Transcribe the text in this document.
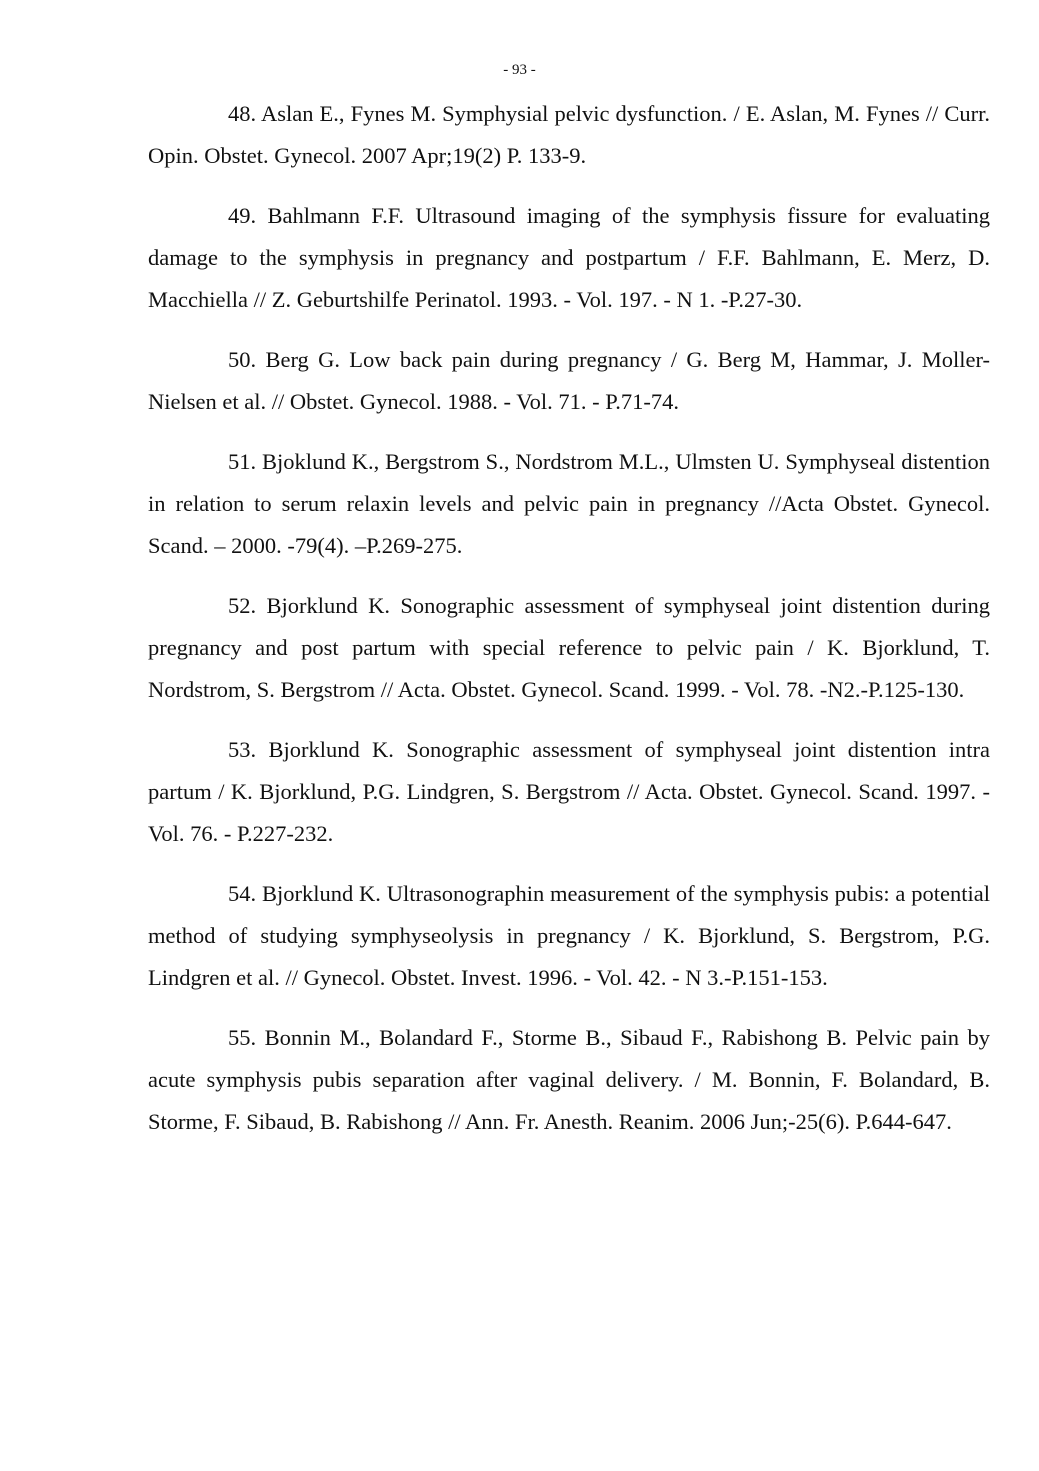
- 93 -

48. Aslan E., Fynes M. Symphysial pelvic dysfunction. / E. Aslan, M. Fynes // Curr. Opin. Obstet. Gynecol. 2007 Apr;19(2) P. 133-9.

49. Bahlmann F.F. Ultrasound imaging of the symphysis fissure for evaluating damage to the symphysis in pregnancy and postpartum / F.F. Bahlmann, E. Merz, D. Macchiella // Z. Geburtshilfe Perinatol. 1993. - Vol. 197. - N 1. -P.27-30.

50. Berg G. Low back pain during pregnancy / G. Berg M, Hammar, J. Moller-Nielsen et al. // Obstet. Gynecol. 1988. - Vol. 71. - P.71-74.

51. Bjoklund K., Bergstrom S., Nordstrom M.L., Ulmsten U. Symphyseal distention in relation to serum relaxin levels and pelvic pain in pregnancy //Acta Obstet. Gynecol. Scand. – 2000. -79(4). –P.269-275.

52. Bjorklund K. Sonographic assessment of symphyseal joint distention during pregnancy and post partum with special reference to pelvic pain / K. Bjorklund, T. Nordstrom, S. Bergstrom // Acta. Obstet. Gynecol. Scand. 1999. - Vol. 78. -N2.-P.125-130.

53. Bjorklund K. Sonographic assessment of symphyseal joint distention intra partum / K. Bjorklund, P.G. Lindgren, S. Bergstrom // Acta. Obstet. Gynecol. Scand. 1997. - Vol. 76. - P.227-232.

54. Bjorklund K. Ultrasonographin measurement of the symphysis pubis: a potential method of studying symphyseolysis in pregnancy / K. Bjorklund, S. Bergstrom, P.G. Lindgren et al. // Gynecol. Obstet. Invest. 1996. - Vol. 42. - N 3.-P.151-153.

55. Bonnin M., Bolandard F., Storme B., Sibaud F., Rabishong B. Pelvic pain by acute symphysis pubis separation after vaginal delivery. / M. Bonnin, F. Bolandard, B. Storme, F. Sibaud, B. Rabishong // Ann. Fr. Anesth. Reanim. 2006 Jun;-25(6). P.644-647.
